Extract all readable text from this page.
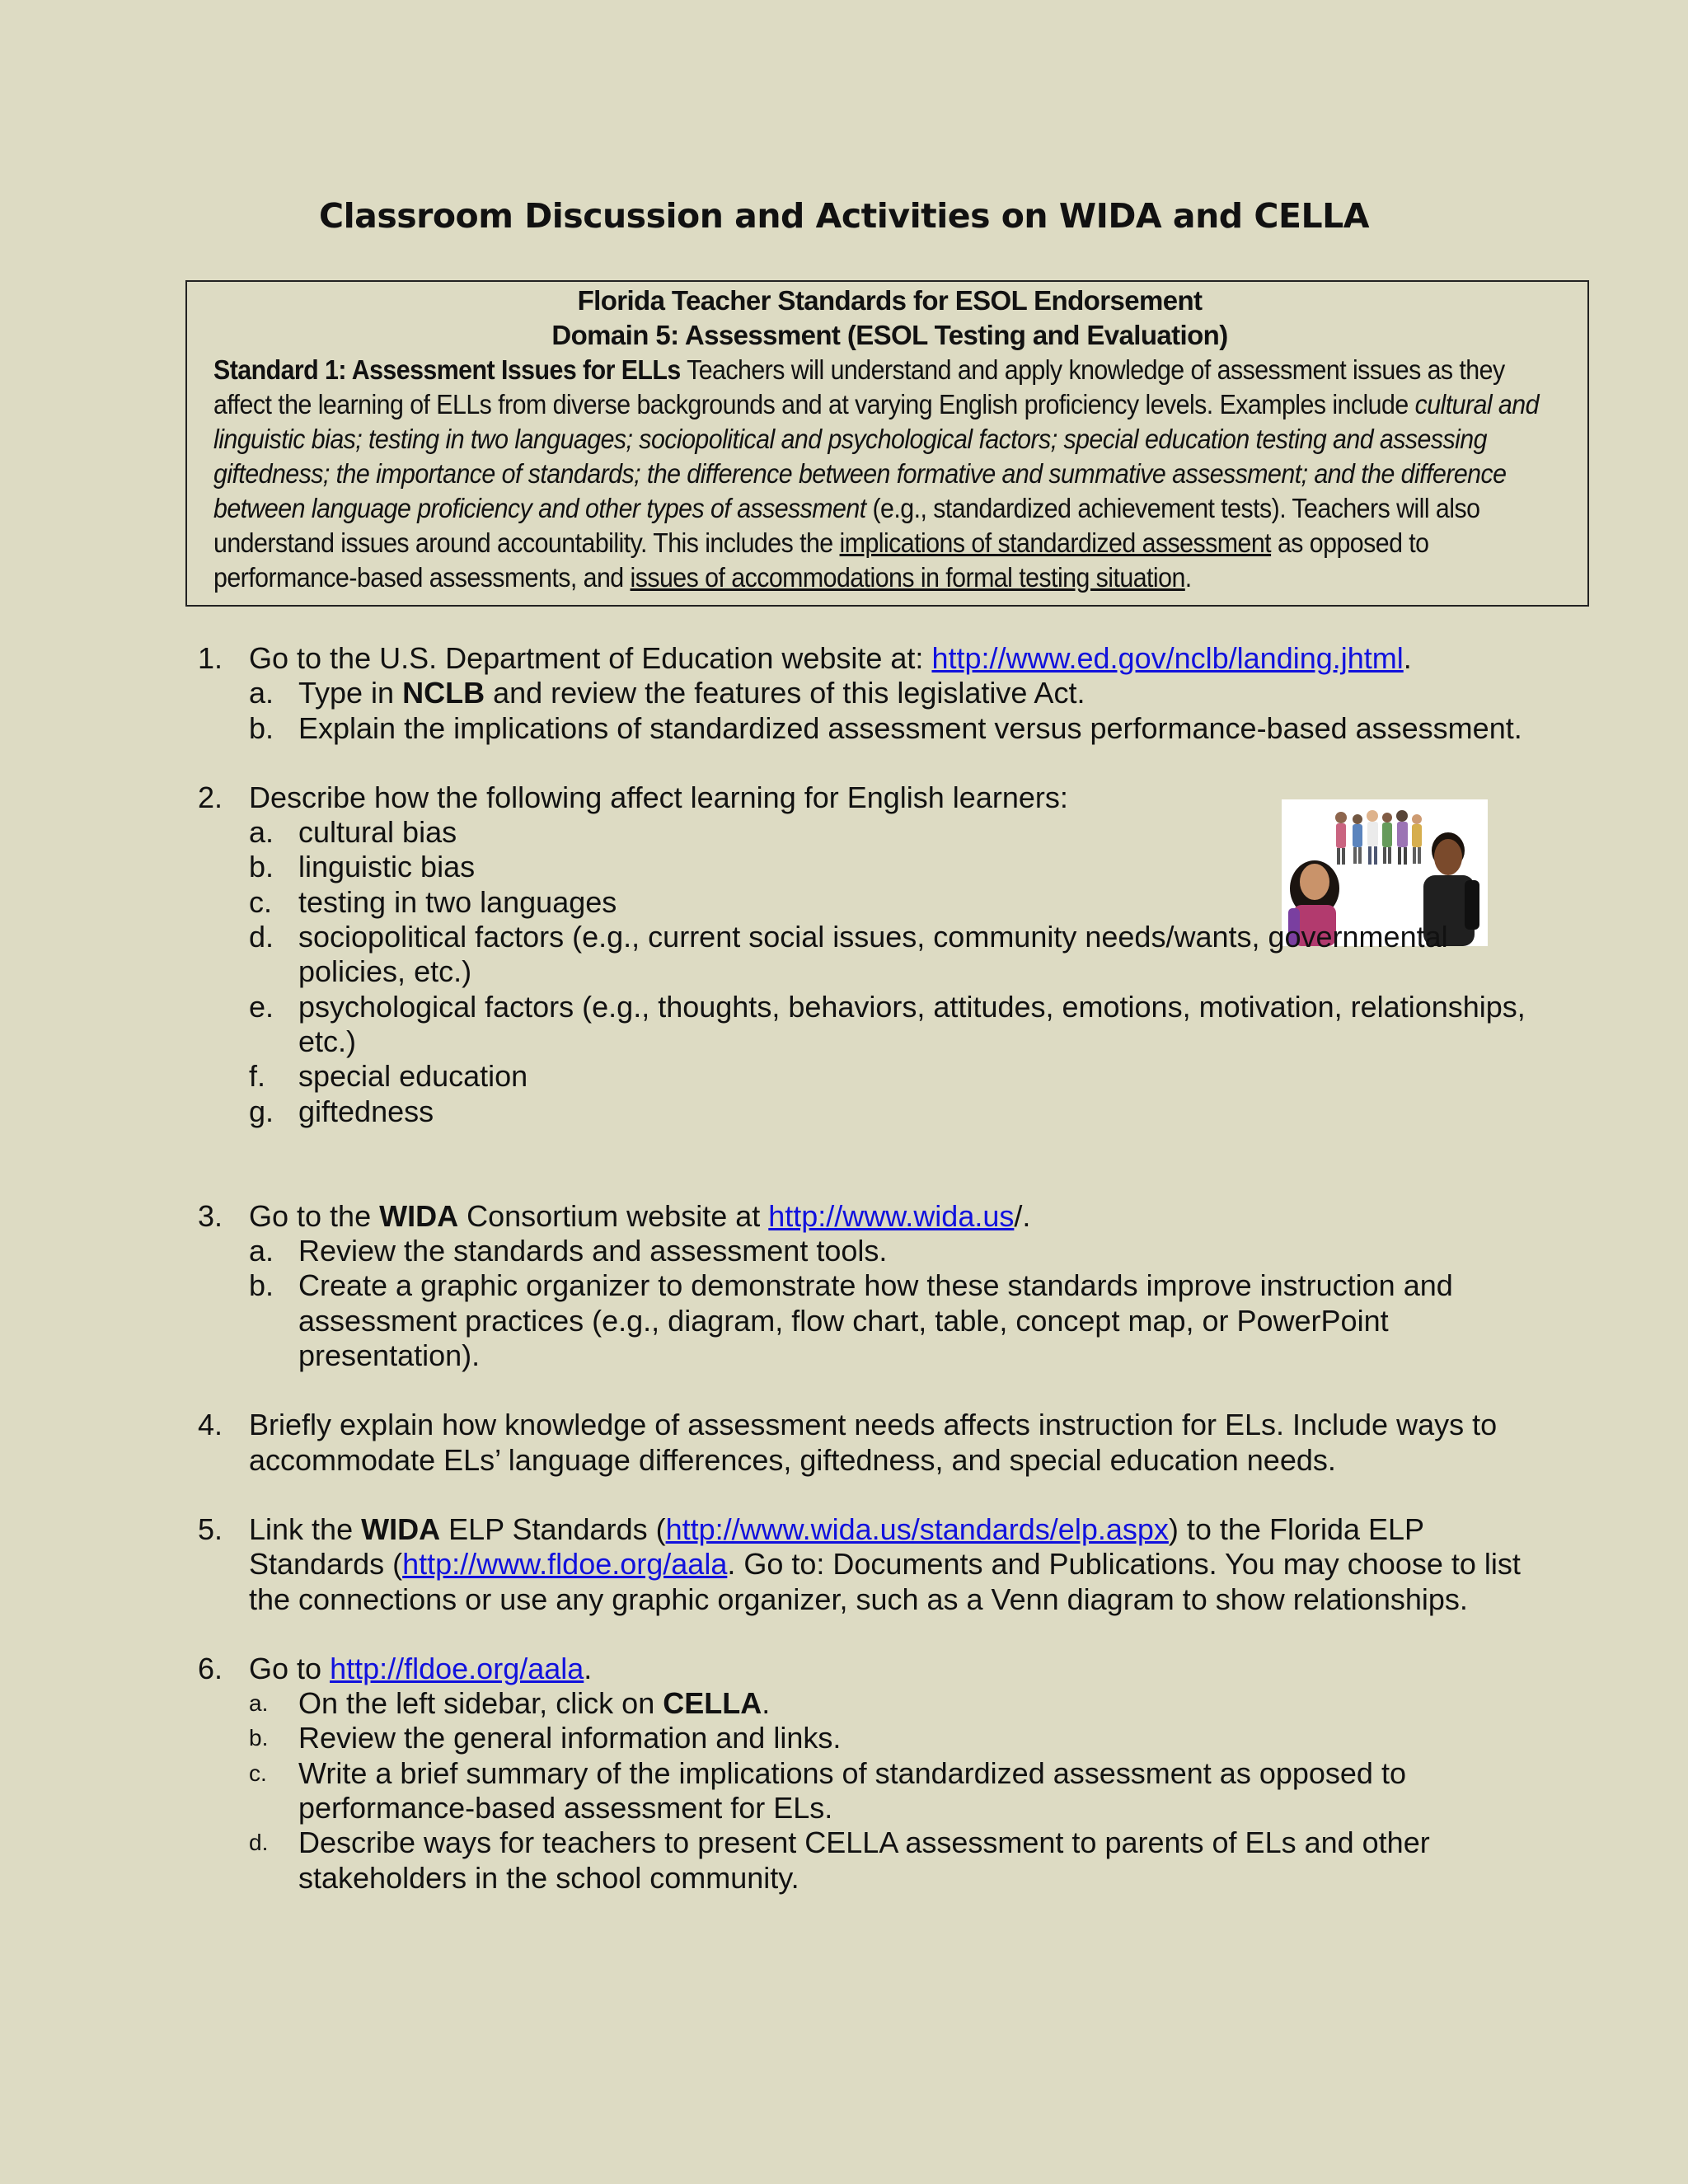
Classroom Discussion and Activities on WIDA and CELLA
Florida Teacher Standards for ESOL Endorsement
Domain 5: Assessment (ESOL Testing and Evaluation)

Standard 1: Assessment Issues for ELLs Teachers will understand and apply knowledge of assessment issues as they affect the learning of ELLs from diverse backgrounds and at varying English proficiency levels. Examples include cultural and linguistic bias; testing in two languages; sociopolitical and psychological factors; special education testing and assessing giftedness; the importance of standards; the difference between formative and summative assessment; and the difference between language proficiency and other types of assessment (e.g., standardized achievement tests). Teachers will also understand issues around accountability. This includes the implications of standardized assessment as opposed to performance-based assessments, and issues of accommodations in formal testing situation.

1. Go to the U.S. Department of Education website at: http://www.ed.gov/nclb/landing.jhtml.
a. Type in NCLB and review the features of this legislative Act.
b. Explain the implications of standardized assessment versus performance-based assessment.
2. Describe how the following affect learning for English learners:
a. cultural bias
b. linguistic bias
c. testing in two languages
d. sociopolitical factors (e.g., current social issues, community needs/wants, governmental policies, etc.)
e. psychological factors (e.g., thoughts, behaviors, attitudes, emotions, motivation, relationships, etc.)
f. special education
g. giftedness
3. Go to the WIDA Consortium website at http://www.wida.us/.
a. Review the standards and assessment tools.
b. Create a graphic organizer to demonstrate how these standards improve instruction and assessment practices (e.g., diagram, flow chart, table, concept map, or PowerPoint presentation).
4. Briefly explain how knowledge of assessment needs affects instruction for ELs. Include ways to accommodate ELs’ language differences, giftedness, and special education needs.
5. Link the WIDA ELP Standards (http://www.wida.us/standards/elp.aspx) to the Florida ELP Standards (http://www.fldoe.org/aala. Go to: Documents and Publications. You may choose to list the connections or use any graphic organizer, such as a Venn diagram to show relationships.
6. Go to http://fldoe.org/aala.
a. On the left sidebar, click on CELLA.
b. Review the general information and links.
c. Write a brief summary of the implications of standardized assessment as opposed to performance-based assessment for ELs.
d. Describe ways for teachers to present CELLA assessment to parents of ELs and other stakeholders in the school community.
